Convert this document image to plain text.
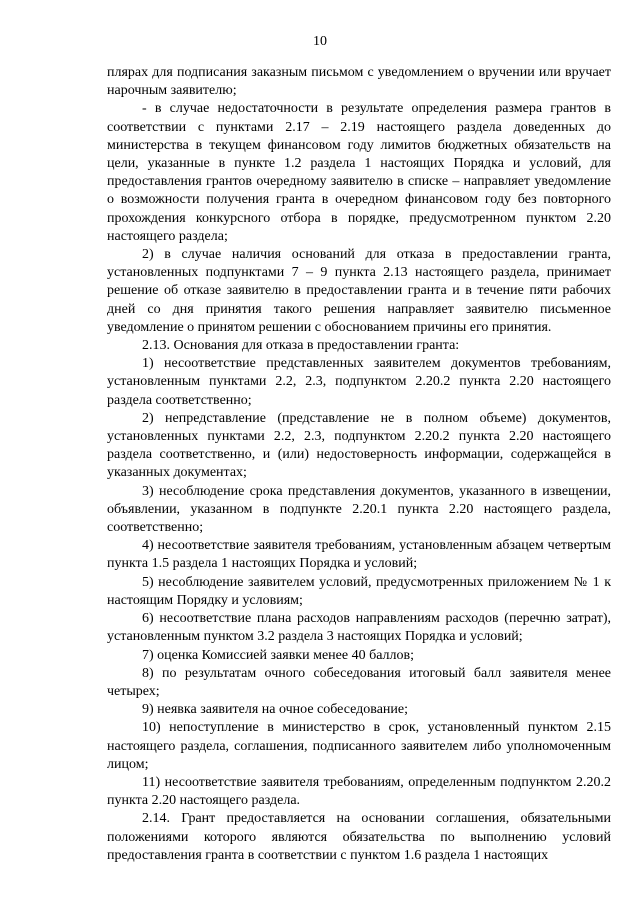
10

плярах для подписания заказным письмом с уведомлением о вручении или вручает нарочным заявителю;

- в случае недостаточности в результате определения размера грантов в соответствии с пунктами 2.17 – 2.19 настоящего раздела доведенных до министерства в текущем финансовом году лимитов бюджетных обязательств на цели, указанные в пункте 1.2 раздела 1 настоящих Порядка и условий, для предоставления грантов очередному заявителю в списке – направляет уведомление о возможности получения гранта в очередном финансовом году без повторного прохождения конкурсного отбора в порядке, предусмотренном пунктом 2.20 настоящего раздела;

2) в случае наличия оснований для отказа в предоставлении гранта, установленных подпунктами 7 – 9 пункта 2.13 настоящего раздела, принимает решение об отказе заявителю в предоставлении гранта и в течение пяти рабочих дней со дня принятия такого решения направляет заявителю письменное уведомление о принятом решении с обоснованием причины его принятия.

2.13. Основания для отказа в предоставлении гранта:

1) несоответствие представленных заявителем документов требованиям, установленным пунктами 2.2, 2.3, подпунктом 2.20.2 пункта 2.20 настоящего раздела соответственно;

2) непредставление (представление не в полном объеме) документов, установленных пунктами 2.2, 2.3, подпунктом 2.20.2 пункта 2.20 настоящего раздела соответственно, и (или) недостоверность информации, содержащейся в указанных документах;

3) несоблюдение срока представления документов, указанного в извещении, объявлении, указанном в подпункте 2.20.1 пункта 2.20 настоящего раздела, соответственно;

4) несоответствие заявителя требованиям, установленным абзацем четвертым пункта 1.5 раздела 1 настоящих Порядка и условий;

5) несоблюдение заявителем условий, предусмотренных приложением № 1 к настоящим Порядку и условиям;

6) несоответствие плана расходов направлениям расходов (перечню затрат), установленным пунктом 3.2 раздела 3 настоящих Порядка и условий;

7) оценка Комиссией заявки менее 40 баллов;

8) по результатам очного собеседования итоговый балл заявителя менее четырех;

9) неявка заявителя на очное собеседование;

10) непоступление в министерство в срок, установленный пунктом 2.15 настоящего раздела, соглашения, подписанного заявителем либо уполномоченным лицом;

11) несоответствие заявителя требованиям, определенным подпунктом 2.20.2 пункта 2.20 настоящего раздела.

2.14. Грант предоставляется на основании соглашения, обязательными положениями которого являются обязательства по выполнению условий предоставления гранта в соответствии с пунктом 1.6 раздела 1 настоящих
